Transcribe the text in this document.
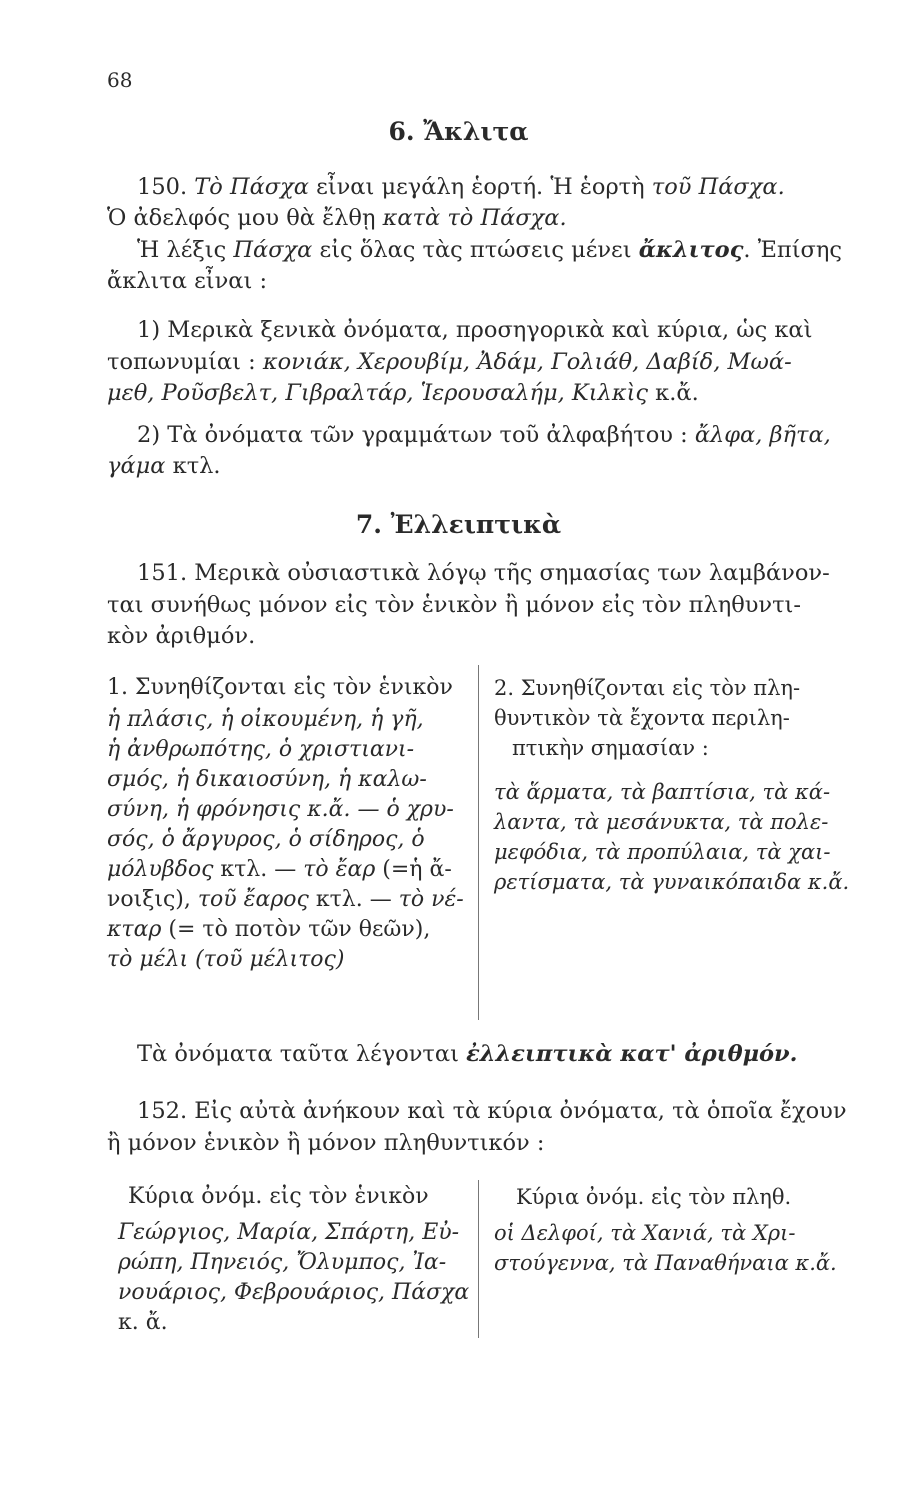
68
6. Ἄκλιτα
150. Τὸ Πάσχα εἶναι μεγάλη ἑορτή. Ἡ ἑορτὴ τοῦ Πάσχα.
Ὁ ἀδελφός μου θὰ ἔλθῃ κατὰ τὸ Πάσχα.
Ἡ λέξις Πάσχα εἰς ὅλας τὰς πτώσεις μένει ἄκλιτος. Ἐπίσης
ἄκλιτα εἶναι :
1) Μερικὰ ξενικὰ ὀνόματα, προσηγορικὰ καὶ κύρια, ὡς καὶ
τοπωνυμίαι : κονιάκ, Χερουβίμ, Ἀδάμ, Γολιάθ, Δαβίδ, Μωά-
μεθ, Ροῦσβελτ, Γιβραλτάρ, Ἱερουσαλήμ, Κιλκὶς κ.ἄ.
2) Τὰ ὀνόματα τῶν γραμμάτων τοῦ ἀλφαβήτου : ἄλφα, βῆτα,
γάμα κτλ.
7. Ἐλλειπτικὰ
151. Μερικὰ οὐσιαστικὰ λόγῳ τῆς σημασίας των λαμβάνον-
ται συνήθως μόνον εἰς τὸν ἑνικὸν ἢ μόνον εἰς τὸν πληθυντι-
κὸν ἀριθμόν.
1. Συνηθίζονται εἰς τὸν ἑνικὸν
ἡ πλάσις, ἡ οἰκουμένη, ἡ γῆ,
ἡ ἀνθρωπότης, ὁ χριστιανι-
σμός, ἡ δικαιοσύνη, ἡ καλω-
σύνη, ἡ φρόνησις κ.ἄ. — ὁ χρυ-
σός, ὁ ἄργυρος, ὁ σίδηρος, ὁ
μόλυβδος κτλ. — τὸ ἔαρ (=ἡ ἄ-
νοιξις), τοῦ ἔαρος κτλ. — τὸ νέ-
κταρ (= τὸ ποτὸν τῶν θεῶν),
τὸ μέλι (τοῦ μέλιτος)
2. Συνηθίζονται εἰς τὸν πλη-
θυντικὸν τὰ ἔχοντα περιλη-
πτικὴν σημασίαν :
τὰ ἅρματα, τὰ βαπτίσια, τὰ κά-
λαντα, τὰ μεσάνυκτα, τὰ πολε-
μεφόδια, τὰ προπύλαια, τὰ χαι-
ρετίσματα, τὰ γυναικόπαιδα κ.ἄ.
Τὰ ὀνόματα ταῦτα λέγονται ἐλλειπτικὰ κατ' ἀριθμόν.
152. Εἰς αὐτὰ ἀνήκουν καὶ τὰ κύρια ὀνόματα, τὰ ὁποῖα ἔχουν
ἢ μόνον ἑνικὸν ἢ μόνον πληθυντικόν :
Κύρια ὀνόμ. εἰς τὸν ἑνικὸν
Γεώργιος, Μαρία, Σπάρτη, Εὐ-
ρώπη, Πηνειός, Ὄλυμπος, Ἰα-
νουάριος, Φεβρουάριος, Πάσχα
κ. ἄ.
Κύρια ὀνόμ. εἰς τὸν πληθ.
οἱ Δελφοί, τὰ Χανιά, τὰ Χρι-
στούγεννα, τὰ Παναθήναια κ.ἄ.
